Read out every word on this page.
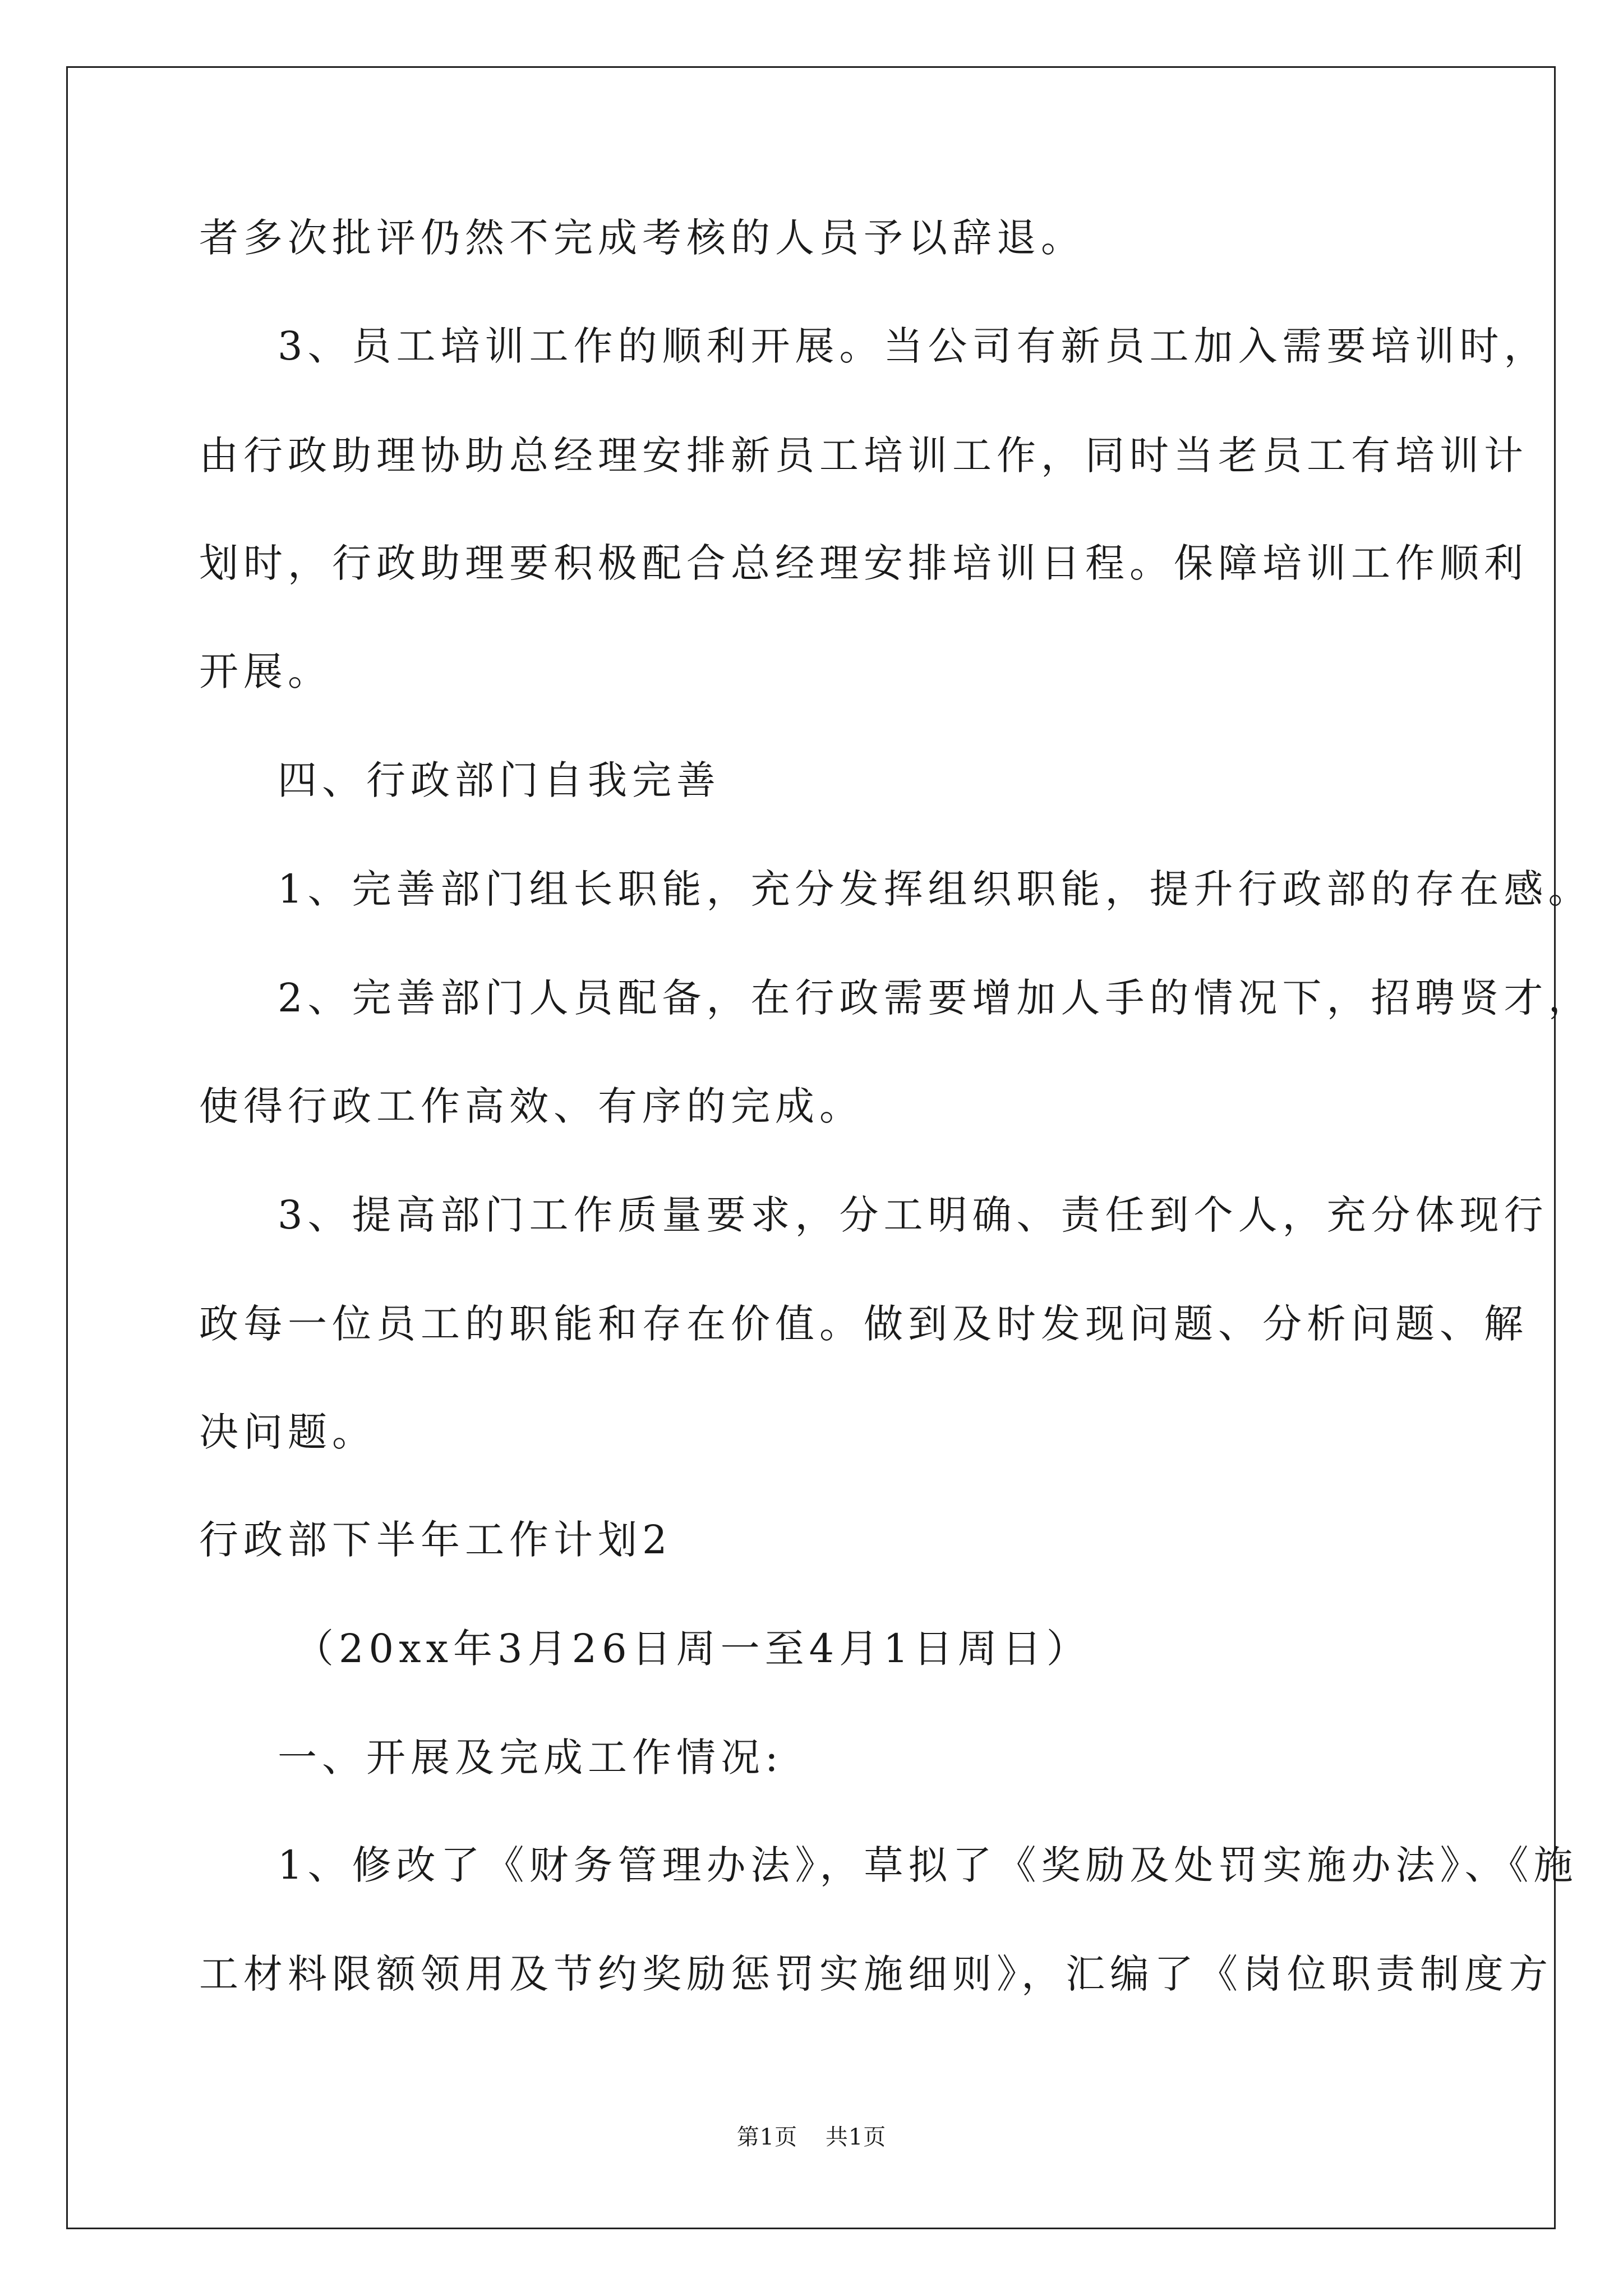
者多次批评仍然不完成考核的人员予以辞退。

3、员工培训工作的顺利开展。当公司有新员工加入需要培训时，

由行政助理协助总经理安排新员工培训工作，同时当老员工有培训计

划时，行政助理要积极配合总经理安排培训日程。保障培训工作顺利

开展。

四、行政部门自我完善

1、完善部门组长职能，充分发挥组织职能，提升行政部的存在感。

2、完善部门人员配备，在行政需要增加人手的情况下，招聘贤才，

使得行政工作高效、有序的完成。

3、提高部门工作质量要求，分工明确、责任到个人，充分体现行

政每一位员工的职能和存在价值。做到及时发现问题、分析问题、解

决问题。

行政部下半年工作计划2

（20xx年3月26日周一至4月1日周日）

一、开展及完成工作情况:

1、修改了《财务管理办法》，草拟了《奖励及处罚实施办法》、《施

工材料限额领用及节约奖励惩罚实施细则》，汇编了《岗位职责制度方

第1页 共1页
